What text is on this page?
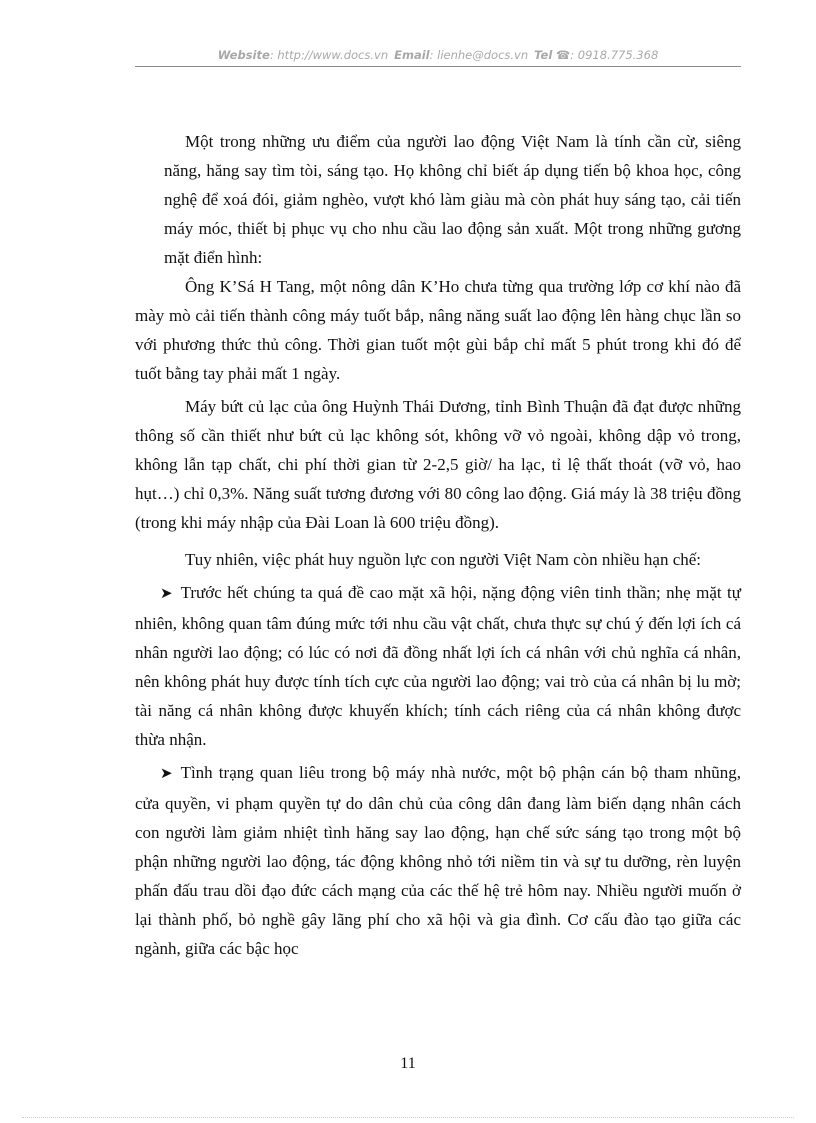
Website: http://www.docs.vn Email: lienhe@docs.vn Tel ☎: 0918.775.368

Một trong những ưu điểm của người lao động Việt Nam là tính cần cừ, siêng năng, hăng say tìm tòi, sáng tạo. Họ không chỉ biết áp dụng tiến bộ khoa học, công nghệ để xoá đói, giảm nghèo, vượt khó làm giàu mà còn phát huy sáng tạo, cải tiến máy móc, thiết bị phục vụ cho nhu cầu lao động sản xuất. Một trong những gương mặt điển hình:

Ông K’Sá H Tang, một nông dân K’Ho chưa từng qua trường lớp cơ khí nào đã mày mò cải tiến thành công máy tuốt bắp, nâng năng suất lao động lên hàng chục lần so với phương thức thủ công. Thời gian tuốt một gùi bắp chỉ mất 5 phút trong khi đó để tuốt bằng tay phải mất 1 ngày.

Máy bứt củ lạc của ông Huỳnh Thái Dương, tỉnh Bình Thuận đã đạt được những thông số cần thiết như bứt củ lạc không sót, không vỡ vỏ ngoài, không dập vỏ trong, không lẫn tạp chất, chi phí thời gian từ 2-2,5 giờ/ ha lạc, tỉ lệ thất thoát (vỡ vỏ, hao hụt…) chỉ 0,3%. Năng suất tương đương với 80 công lao động. Giá máy là 38 triệu đồng (trong khi máy nhập của Đài Loan là 600 triệu đồng).

Tuy nhiên, việc phát huy nguồn lực con người Việt Nam còn nhiều hạn chế:

➤ Trước hết chúng ta quá đề cao mặt xã hội, nặng động viên tinh thần; nhẹ mặt tự nhiên, không quan tâm đúng mức tới nhu cầu vật chất, chưa thực sự chú ý đến lợi ích cá nhân người lao động; có lúc có nơi đã đồng nhất lợi ích cá nhân với chủ nghĩa cá nhân, nên không phát huy được tính tích cực của người lao động; vai trò của cá nhân bị lu mờ; tài năng cá nhân không được khuyến khích; tính cách riêng của cá nhân không được thừa nhận.

➤ Tình trạng quan liêu trong bộ máy nhà nước, một bộ phận cán bộ tham nhũng, cửa quyền, vi phạm quyền tự do dân chủ của công dân đang làm biến dạng nhân cách con người làm giảm nhiệt tình hăng say lao động, hạn chế sức sáng tạo trong một bộ phận những người lao động, tác động không nhỏ tới niềm tin và sự tu dưỡng, rèn luyện phấn đấu trau dồi đạo đức cách mạng của các thế hệ trẻ hôm nay. Nhiều người muốn ở lại thành phố, bỏ nghề gây lãng phí cho xã hội và gia đình. Cơ cấu đào tạo giữa các ngành, giữa các bậc học

11
